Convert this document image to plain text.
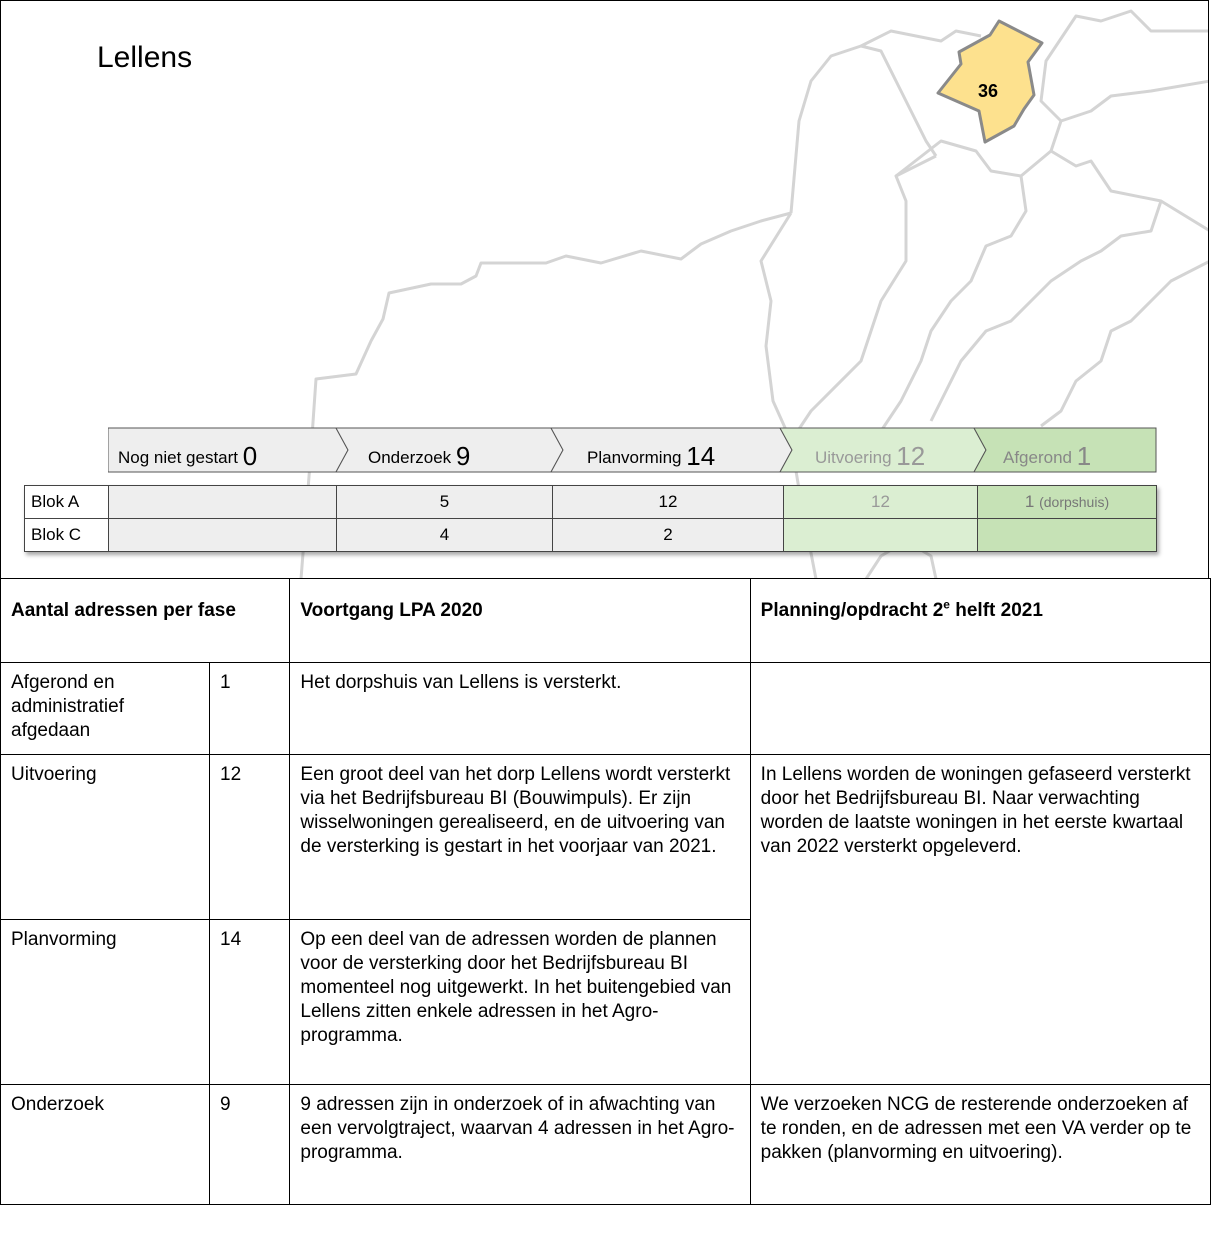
36
Lellens
Nog niet gestart 0	Onderzoek 9	Planvorming 14	Uitvoering 12	Afgerond 1
Blok A		5	12	12	1 (dorpshuis)
Blok C		4	2		
Aantal adressen per fase		Voortgang LPA 2020	Planning/opdracht 2e helft 2021
Afgerond en administratief afgedaan	1	Het dorpshuis van Lellens is versterkt.	
Uitvoering	12	Een groot deel van het dorp Lellens wordt versterkt via het Bedrijfsbureau BI (Bouwimpuls). Er zijn wisselwoningen gerealiseerd, en de uitvoering van de versterking is gestart in het voorjaar van 2021.	In Lellens worden de woningen gefaseerd versterkt door het Bedrijfsbureau BI. Naar verwachting worden de laatste woningen in het eerste kwartaal van 2022 versterkt opgeleverd.
Planvorming	14	Op een deel van de adressen worden de plannen voor de versterking door het Bedrijfsbureau BI momenteel nog uitgewerkt. In het buitengebied van Lellens zitten enkele adressen in het Agro-programma.	
Onderzoek	9	9 adressen zijn in onderzoek of in afwachting van een vervolgtraject, waarvan 4 adressen in het Agro-programma.	We verzoeken NCG de resterende onderzoeken af te ronden, en de adressen met een VA verder op te pakken (planvorming en uitvoering).
